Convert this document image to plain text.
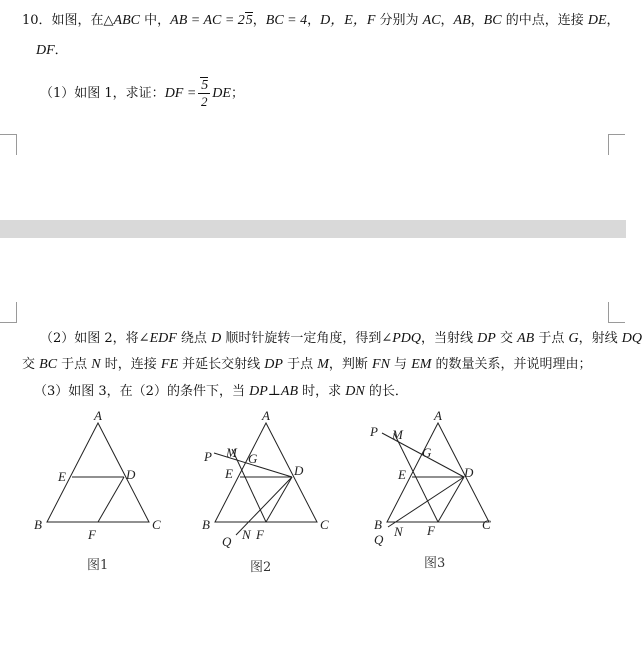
10．如图，在△ABC 中，AB = AC = 25，BC = 4，D，E，F 分别为 AC，AB，BC 的中点，连接 DE，
DF．
（1）如图 1，求证：DF = $\frac{5}{2}$ DE；
（2）如图 2，将∠EDF 绕点 D 顺时针旋转一定角度，得到∠PDQ，当射线 DP 交 AB 于点 G，射线 DQ
交 BC 于点 N 时，连接 FE 并延长交射线 DP 于点 M，判断 FN 与 EM 的数量关系，并说明理由；
（3）如图 3，在（2）的条件下，当 DP⊥AB 时，求 DN 的长．
A
B	C
D
E
F
图1
A
B	C
D
E
F
G
M
N
P
Q
图2
A
B	C
D
E
F
G
M
N
P
Q
图3
